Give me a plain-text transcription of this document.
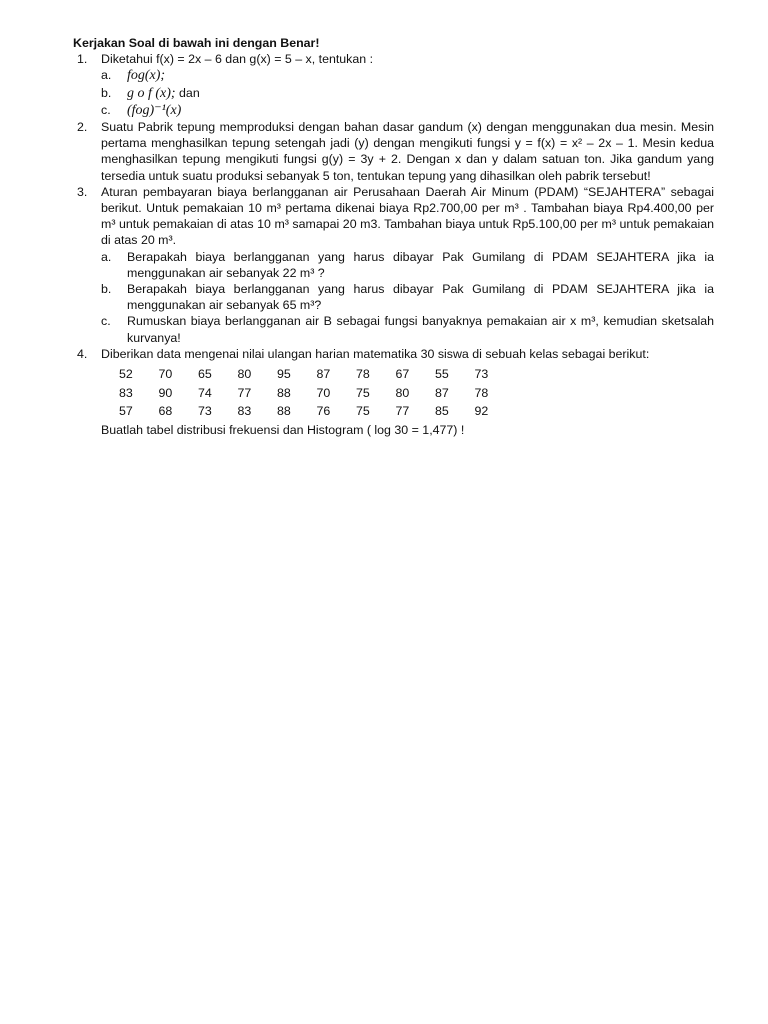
Kerjakan Soal di bawah ini dengan Benar!
1. Diketahui f(x) = 2x – 6 dan g(x) = 5 – x, tentukan :
a. fog(x);
b. g o f (x); dan
c. (fog)⁻¹(x)
2. Suatu Pabrik tepung memproduksi dengan bahan dasar gandum (x) dengan menggunakan dua mesin. Mesin pertama menghasilkan tepung setengah jadi (y) dengan mengikuti fungsi y = f(x) = x² – 2x – 1. Mesin kedua menghasilkan tepung mengikuti fungsi g(y) = 3y + 2. Dengan x dan y dalam satuan ton. Jika gandum yang tersedia untuk suatu produksi sebanyak 5 ton, tentukan tepung yang dihasilkan oleh pabrik tersebut!
3. Aturan pembayaran biaya berlangganan air Perusahaan Daerah Air Minum (PDAM) “SEJAHTERA” sebagai berikut. Untuk pemakaian 10 m³ pertama dikenai biaya Rp2.700,00 per m³ . Tambahan biaya Rp4.400,00 per m³ untuk pemakaian di atas 10 m³ samapai 20 m3. Tambahan biaya untuk Rp5.100,00 per m³ untuk pemakaian di atas 20 m³.
a. Berapakah biaya berlangganan yang harus dibayar Pak Gumilang di PDAM SEJAHTERA jika ia menggunakan air sebanyak 22 m³ ?
b. Berapakah biaya berlangganan yang harus dibayar Pak Gumilang di PDAM SEJAHTERA jika ia menggunakan air sebanyak 65 m³?
c. Rumuskan biaya berlangganan air B sebagai fungsi banyaknya pemakaian air x m³, kemudian sketsalah kurvanya!
4. Diberikan data mengenai nilai ulangan harian matematika 30 siswa di sebuah kelas sebagai berikut:
52	70	65	80	95	87	78	67	55	73
83	90	74	77	88	70	75	80	87	78
57	68	73	83	88	76	75	77	85	92
Buatlah tabel distribusi frekuensi dan Histogram ( log 30 = 1,477) !
